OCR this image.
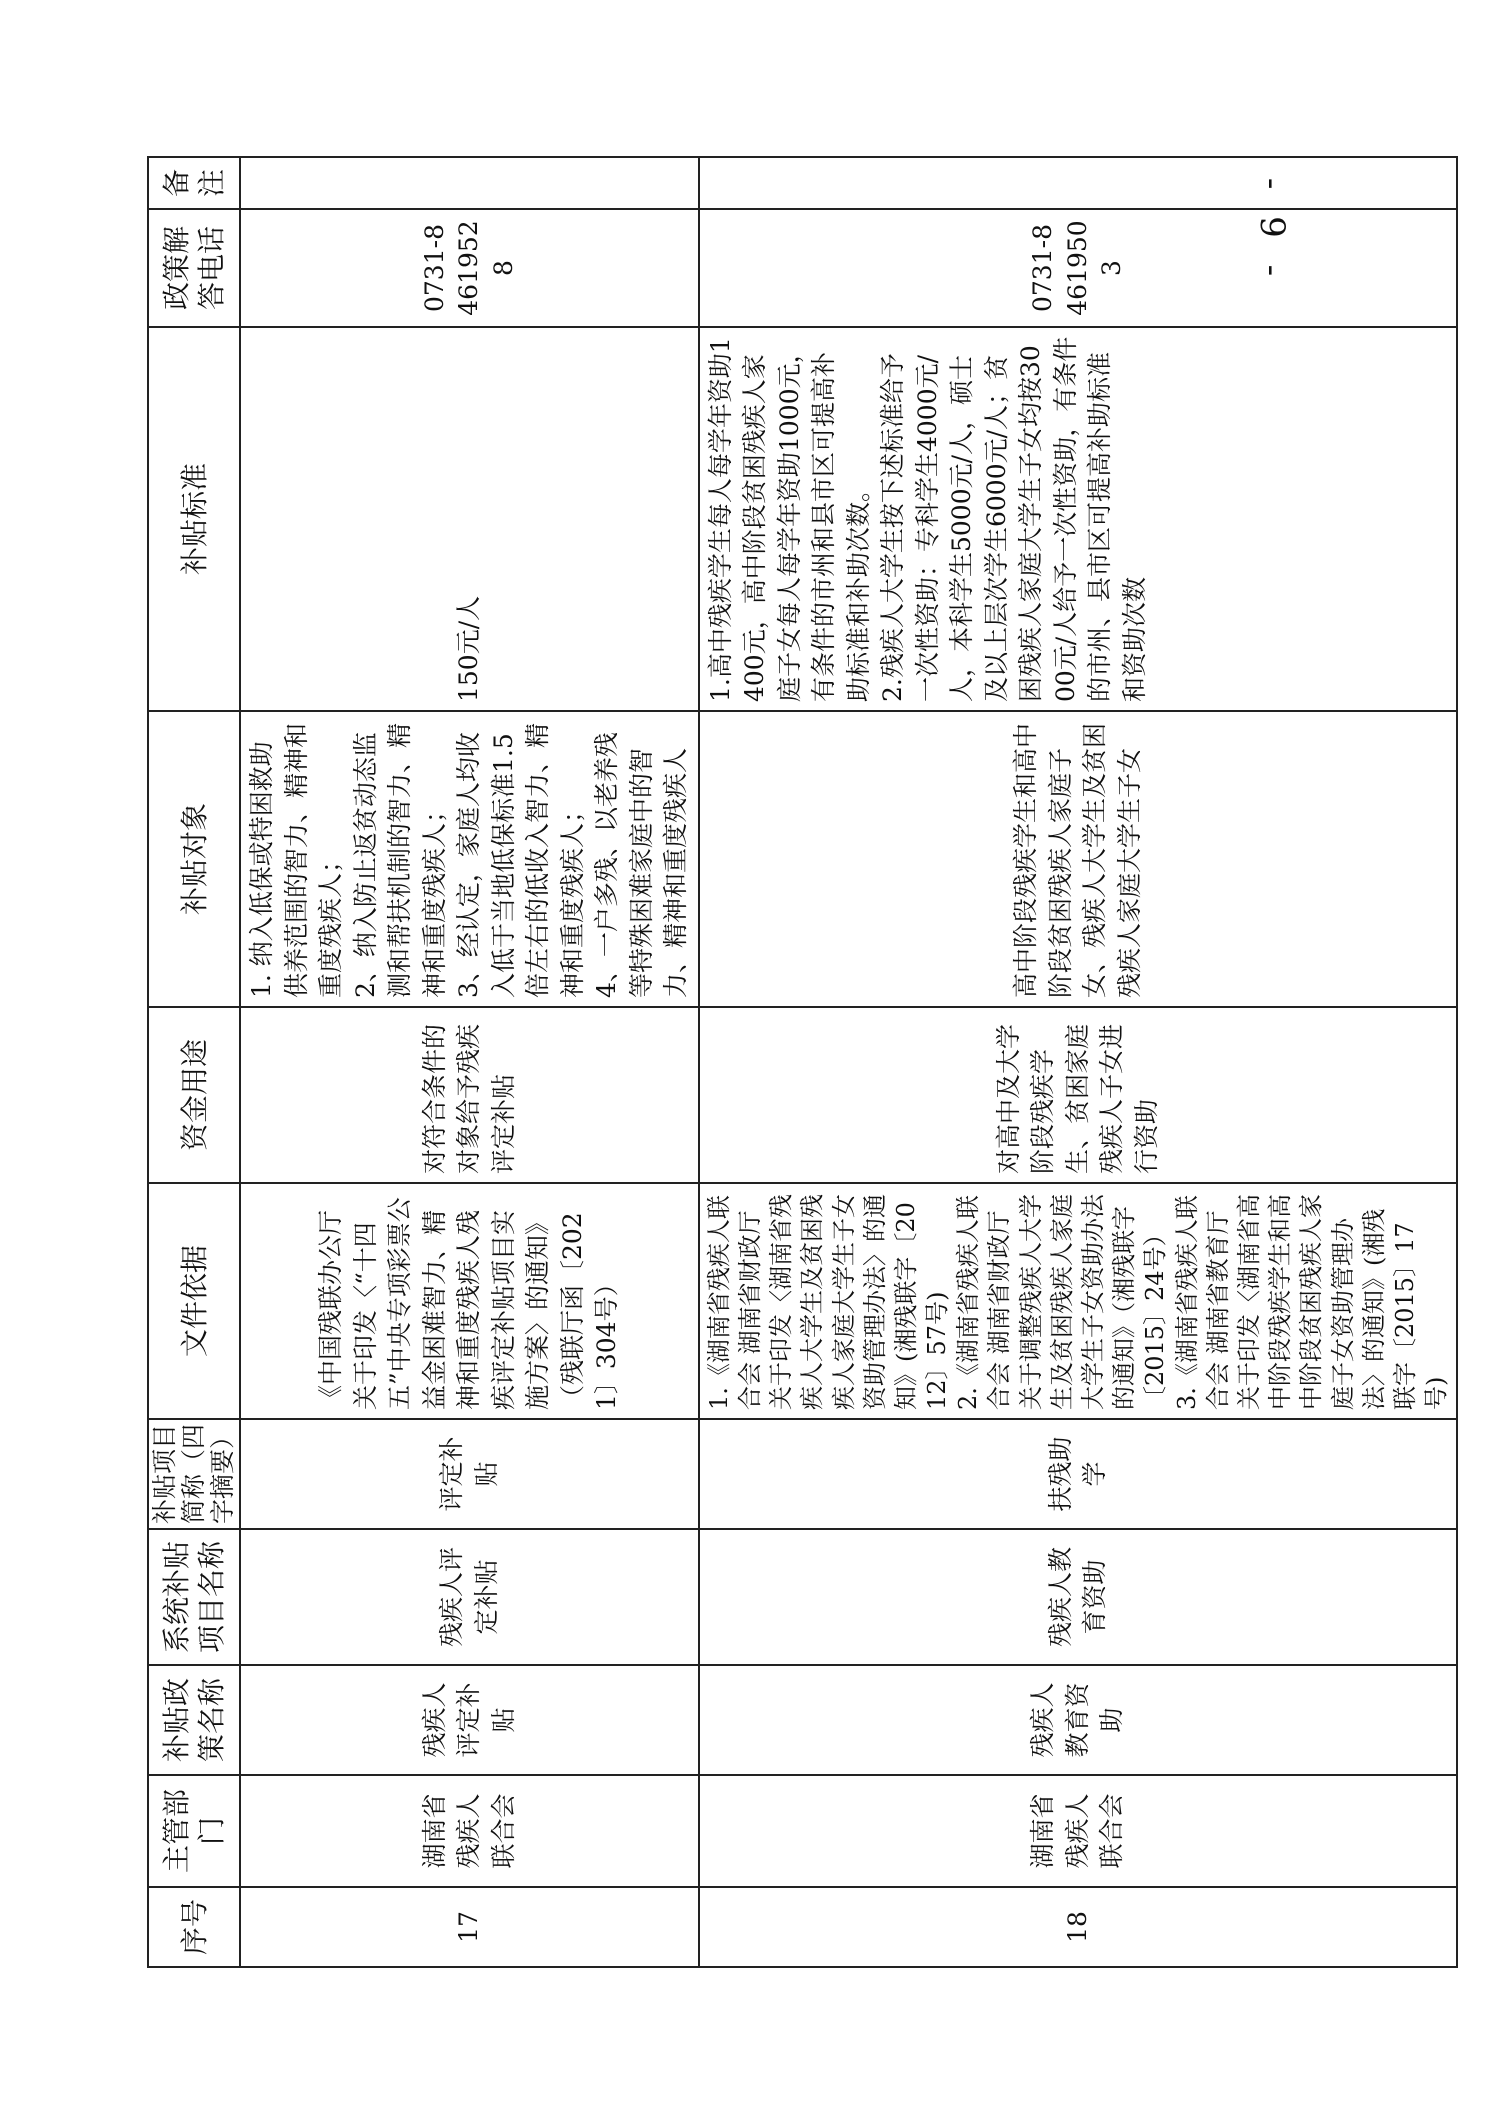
- 9 -
序号	主管部门	补贴政策名称	系统补贴项目名称	补贴项目简称（四字摘要）	文件依据	资金用途	补贴对象	补贴标准	政策解答电话	备注
17	湖南省残疾人联合会	残疾人评定补贴	残疾人评定补贴	评定补贴	《中国残联办公厅关于印发〈“十四五”中央专项彩票公益金困难智力、精神和重度残疾人残疾评定补贴项目实施方案〉的通知》（残联厅函〔2021〕304号）	对符合条件的对象给予残疾评定补贴	1. 纳入低保或特困救助供养范围的智力、精神和重度残疾人； 2、纳入防止返贫动态监测和帮扶机制的智力、精神和重度残疾人； 3、经认定，家庭人均收入低于当地低保标准1.5倍左右的低收入智力、精神和重度残疾人； 4、一户多残、以老养残等特殊困难家庭中的智力、精神和重度残疾人	150元/人	0731-84619528	
18	湖南省残疾人联合会	残疾人教育资助	残疾人教育资助	扶残助学	1.《湖南省残疾人联合会 湖南省财政厅关于印发〈湖南省残疾人大学生及贫困残疾人家庭大学生子女资助管理办法〉的通知》(湘残联字〔2012〕57号) 2.《湖南省残疾人联合会 湖南省财政厅关于调整残疾人大学生及贫困残疾人家庭大学生子女资助办法的通知》（湘残联字〔2015〕24号） 3.《湖南省残疾人联合会 湖南省教育厅关于印发〈湖南省高中阶段残疾学生和高中阶段贫困残疾人家庭子女资助管理办法〉的通知》(湘残联字〔2015〕17号)	对高中及大学阶段残疾学生、贫困家庭残疾人子女进行资助	高中阶段残疾学生和高中阶段贫困残疾人家庭子女、残疾人大学生及贫困残疾人家庭大学生子女	1.高中残疾学生每人每学年资助1400元，高中阶段贫困残疾人家庭子女每人每学年资助1000元，有条件的市州和县市区可提高补助标准和补助次数。 2.残疾人大学生按下述标准给予一次性资助：专科学生4000元/人，本科学生5000元/人，硕士及以上层次学生6000元/人；贫困残疾人家庭大学生子女均按3000元/人给予一次性资助，有条件的市州、县市区可提高补助标准和资助次数	0731-84619503	
